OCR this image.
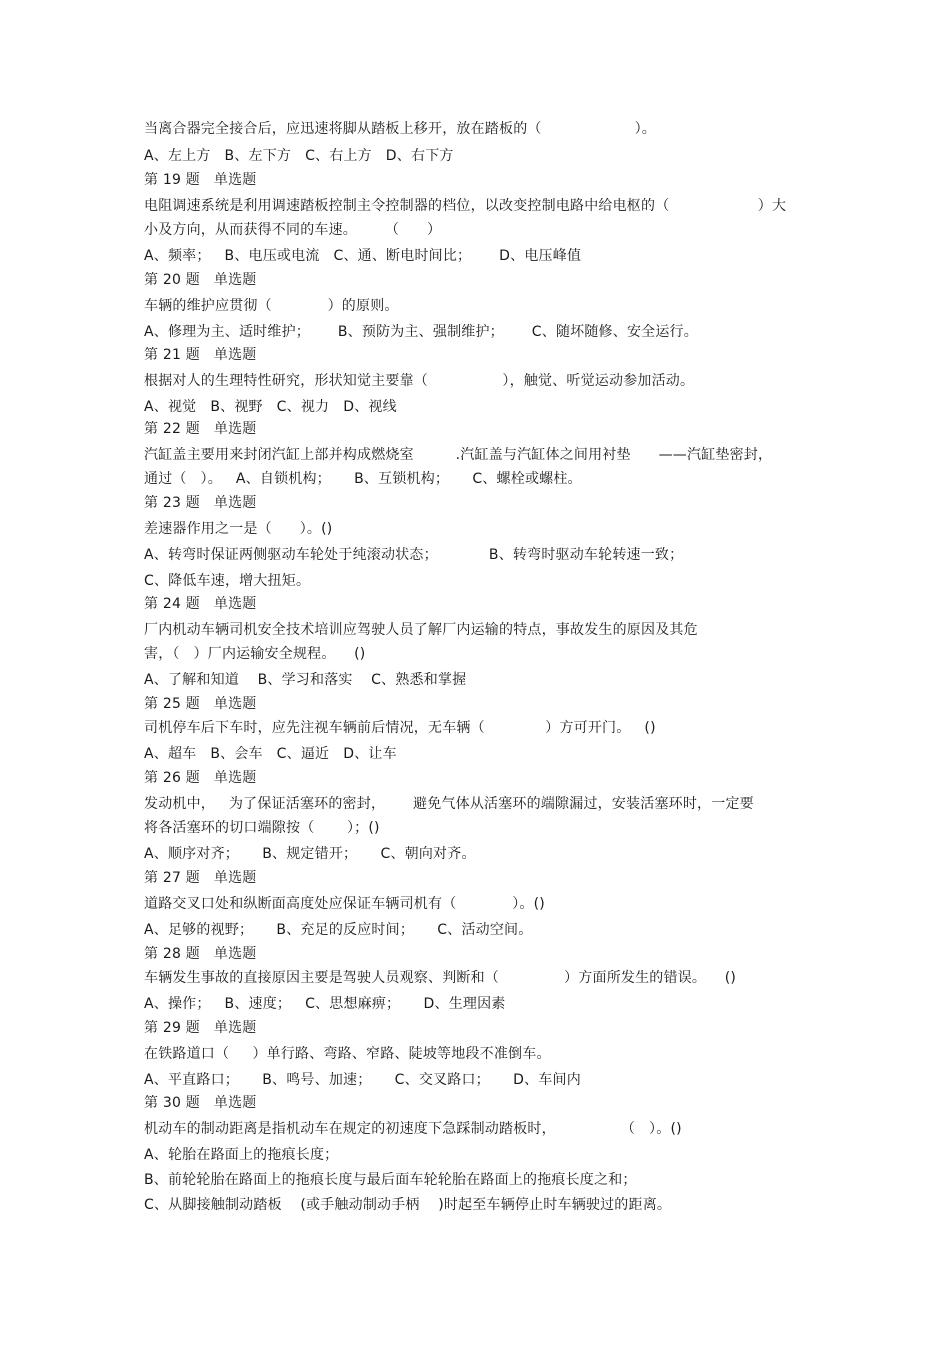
当离合器完全接合后，应迅速将脚从踏板上移开，放在踏板的（                    ）。
A、左上方   B、左下方   C、右上方   D、右下方
第 19 题   单选题
电阻调速系统是利用调速踏板控制主令控制器的档位，以改变控制电路中给电枢的（                   ）大
小及方向，从而获得不同的车速。      （      ）
A、频率；   B、电压或电流   C、通、断电时间比；      D、电压峰值
第 20 题   单选题
车辆的维护应贯彻（            ）的原则。
A、修理为主、适时维护；      B、预防为主、强制维护；      C、随坏随修、安全运行。
第 21 题   单选题
根据对人的生理特性研究，形状知觉主要靠（                ），触觉、听觉运动参加活动。
A、视觉   B、视野   C、视力   D、视线
第 22 题   单选题
汽缸盖主要用来封闭汽缸上部并构成燃烧室         .汽缸盖与汽缸体之间用衬垫      ——汽缸垫密封，
通过（   ）。   A、自锁机构；     B、互锁机构；     C、螺栓或螺柱。
第 23 题   单选题
差速器作用之一是（      ）。()
A、转弯时保证两侧驱动车轮处于纯滚动状态；           B、转弯时驱动车轮转速一致；
C、降低车速，增大扭矩。
第 24 题   单选题
厂内机动车辆司机安全技术培训应驾驶人员了解厂内运输的特点，事故发生的原因及其危
害，（   ）厂内运输安全规程。    ()
A、了解和知道    B、学习和落实    C、熟悉和掌握
第 25 题   单选题
司机停车后下车时，应先注视车辆前后情况，无车辆（             ）方可开门。   ()
A、超车   B、会车   C、逼近   D、让车
第 26 题   单选题
发动机中，   为了保证活塞环的密封，      避免气体从活塞环的端隙漏过，安装活塞环时，一定要
将各活塞环的切口端隙按（       ）；()
A、顺序对齐；     B、规定错开；     C、朝向对齐。
第 27 题   单选题
道路交叉口处和纵断面高度处应保证车辆司机有（            ）。()
A、足够的视野；     B、充足的反应时间；     C、活动空间。
第 28 题   单选题
车辆发生事故的直接原因主要是驾驶人员观察、判断和（              ）方面所发生的错误。    ()
A、操作；   B、速度；   C、思想麻痹；     D、生理因素
第 29 题   单选题
在铁路道口（     ）单行路、弯路、窄路、陡坡等地段不准倒车。
A、平直路口；     B、鸣号、加速；     C、交叉路口；     D、车间内
第 30 题   单选题
机动车的制动距离是指机动车在规定的初速度下急踩制动踏板时，              （   ）。()
A、轮胎在路面上的拖痕长度；
B、前轮轮胎在路面上的拖痕长度与最后面车轮轮胎在路面上的拖痕长度之和；
C、从脚接触制动踏板    (或手触动制动手柄    )时起至车辆停止时车辆驶过的距离。
